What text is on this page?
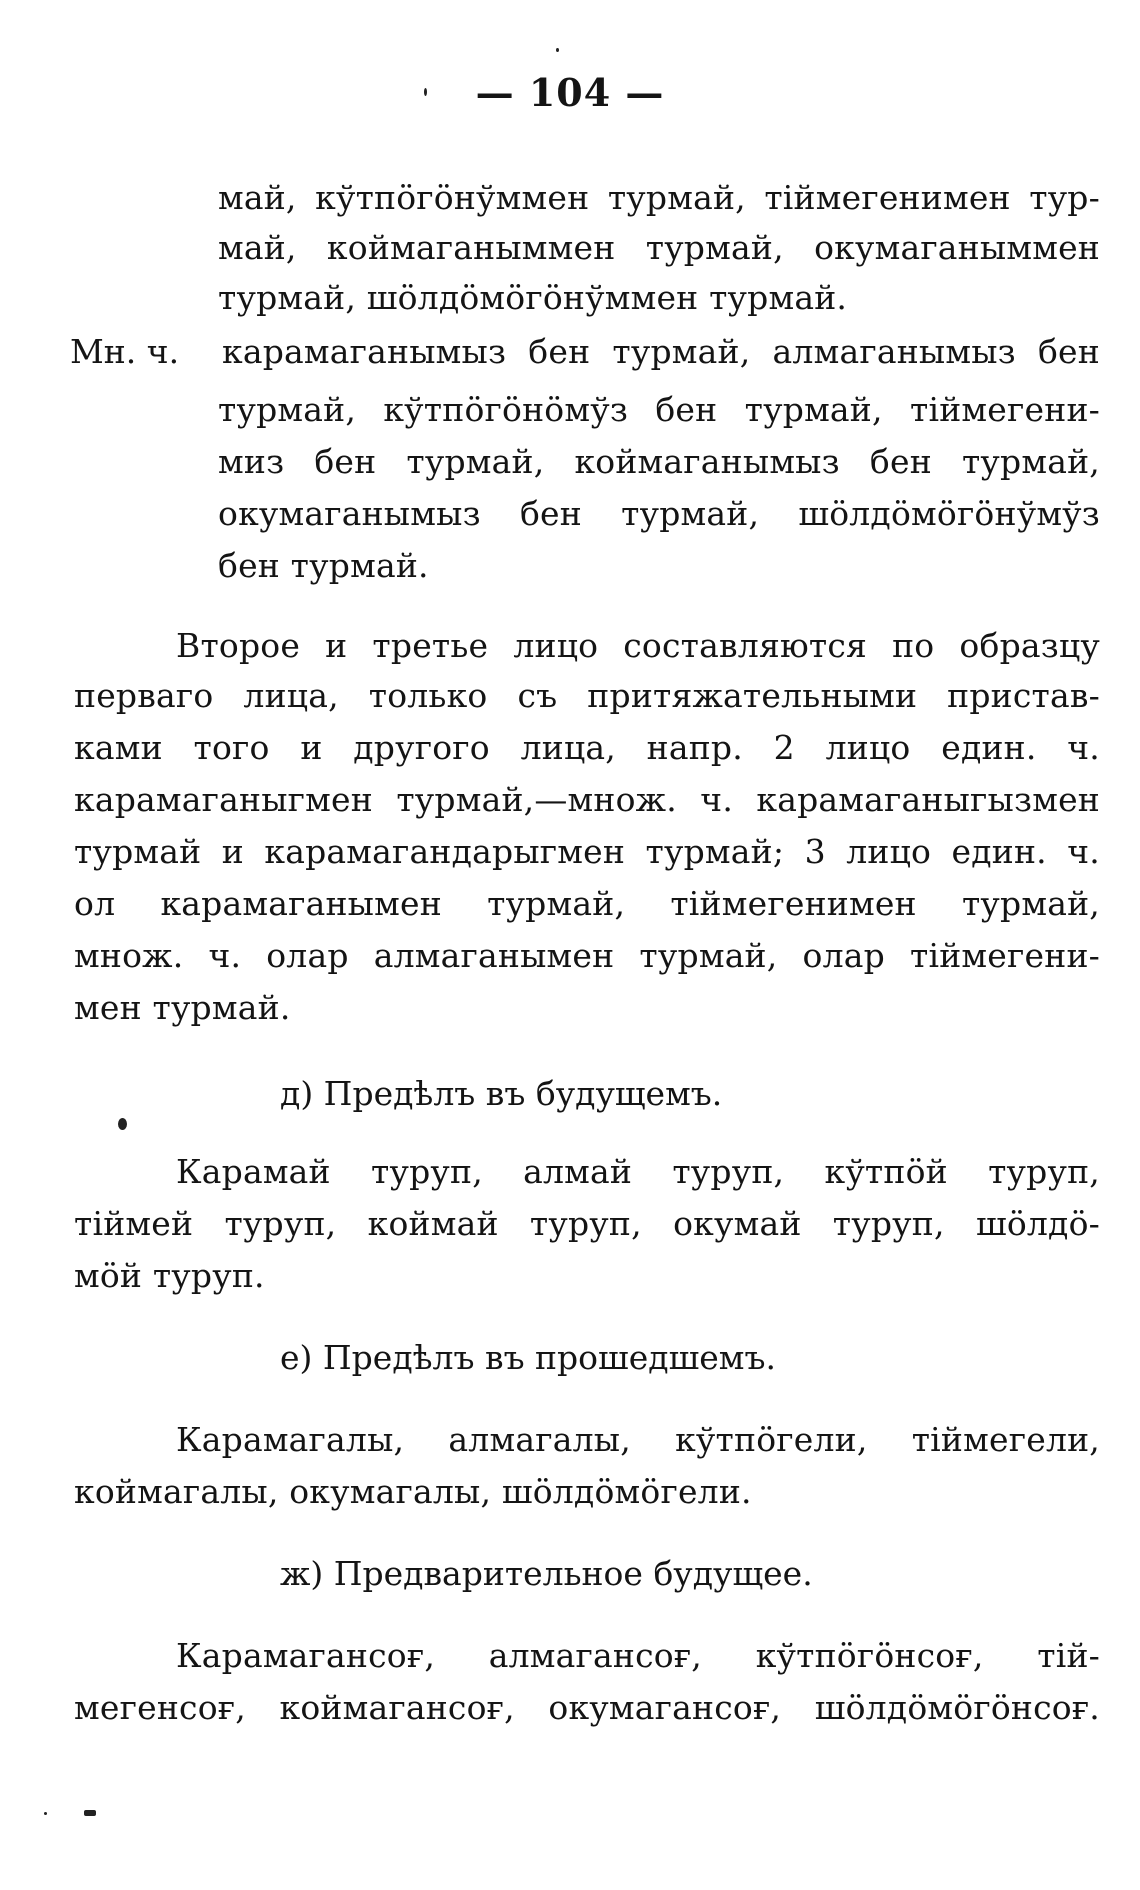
— 104 —
май, кўтпöгöнўммен турмай, тiймегенимен тур-
май, коймаганыммен турмай, окумаганыммен
турмай, шöлдöмöгöнўммен турмай.
Мн. ч. карамаганымыз бен турмай, алмаганымыз бен
турмай, кўтпöгöнöмўз бен турмай, тiймегени-
миз бен турмай, коймаганымыз бен турмай,
окумаганымыз бен турмай, шöлдöмöгöнўмўз
бен турмай.
Второе и третье лицо составляются по образцу
перваго лица, только съ притяжательными пристав-
ками того и другого лица, напр. 2 лицо един. ч.
карамаганыгмен турмай,—множ. ч. карамаганыгызмен
турмай и карамагандарыгмен турмай; 3 лицо един. ч.
ол карамаганымен турмай, тiймегенимен турмай,
множ. ч. олар алмаганымен турмай, олар тiймегени-
мен турмай.
д) Предѣлъ въ будущемъ.
Карамай туруп, алмай туруп, кўтпöй туруп,
тiймей туруп, коймай туруп, окумай туруп, шöлдö-
мöй туруп.
е) Предѣлъ въ прошедшемъ.
Карамагалы, алмагалы, кўтпöгели, тiймегели,
коймагалы, окумагалы, шöлдöмöгели.
ж) Предварительное будущее.
Карамагансоғ, алмагансоғ, кўтпöгöнсоғ, тiй-
мегенсоғ, коймагансоғ, окумагансоғ, шöлдöмöгöнсоғ.
